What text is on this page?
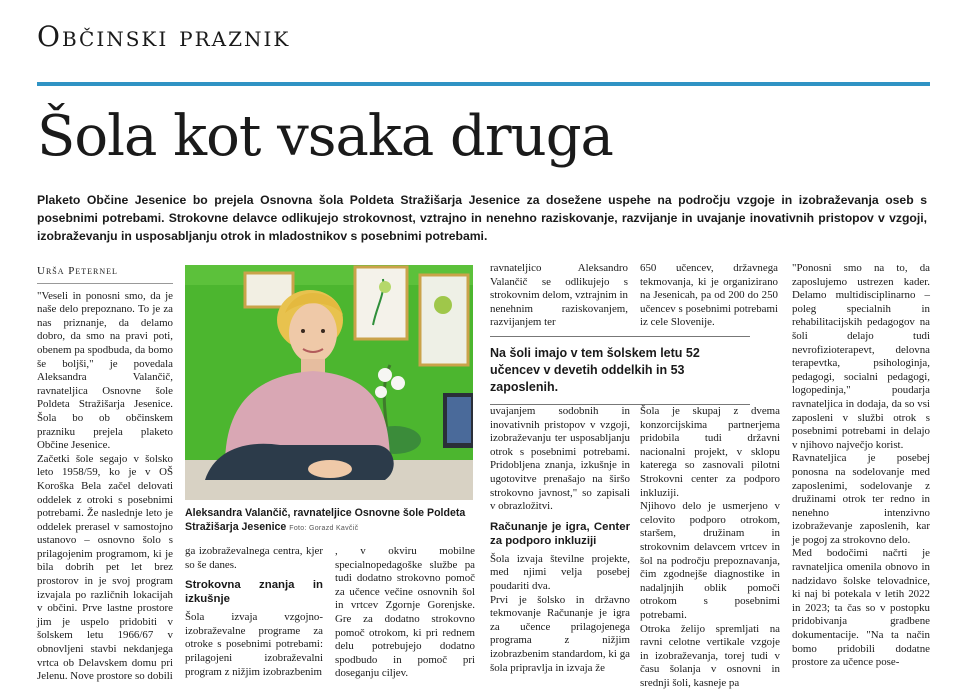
Občinski praznik
Šola kot vsaka druga
Plaketo Občine Jesenice bo prejela Osnovna šola Poldeta Stražišarja Jesenice za dosežene uspehe na področju vzgoje in izobraževanja oseb s posebnimi potrebami. Strokovne delavce odlikujejo strokovnost, vztrajno in nenehno raziskovanje, razvijanje in uvajanje inovativnih pristopov v vzgoji, izobraževanju in usposabljanju otrok in mladostnikov s posebnimi potrebami.
Urša Peternel

"Veseli in ponosni smo, da je naše delo prepoznano. To je za nas priznanje, da delamo dobro, da smo na pravi poti, obenem pa spodbuda, da bomo še boljši," je povedala Aleksandra Valančič, ravnateljica Osnovne šole Poldeta Stražišarja Jesenice. Šola bo ob občinskem prazniku prejela plaketo Občine Jesenice.

Začetki šole segajo v šolsko leto 1958/59, ko je v OŠ Koroška Bela začel delovati oddelek z otroki s posebnimi potrebami. Že naslednje leto je oddelek prerasel v samostojno ustanovo – osnovno šolo s prilagojenim programom, ki je bila dobrih pet let brez prostorov in je svoj program izvajala po različnih lokacijah v občini. Prve lastne prostore jim je uspelo pridobiti v šolskem letu 1966/67 v obnovljeni stavbi nekdanjega vrtca ob Delavskem domu pri Jelenu. Nove prostore so dobili

Aleksandra Valančič, ravnateljice Osnovne šole Poldeta Stražišarja Jesenice Foto: Gorazd Kavčič

ga izobraževalnega centra, kjer so še danes.

Strokovna znanja in izkušnje

Šola izvaja vzgojno-izobraževalne programe za otroke s posebnimi potrebami: prilagojeni izobraževalni program z nižjim izobrazbenim

, v okviru mobilne specialnopedagoške službe pa tudi dodatno strokovno pomoč za učence večine osnovnih šol in vrtcev Zgornje Gorenjske. Gre za dodatno strokovno pomoč otrokom, ki pri rednem delu potrebujejo dodatno spodbudo in pomoč pri doseganju ciljev.

ravnateljico Aleksandro Valančič se odlikujejo s strokovnim delom, vztrajnim in nenehnim raziskovanjem, razvijanjem ter

Na šoli imajo v tem šolskem letu 52 učencev v devetih oddelkih in 53 zaposlenih.

uvajanjem sodobnih in inovativnih pristopov v vzgoji, izobraževanju ter usposabljanju otrok s posebnimi potrebami. Pridobljena znanja, izkušnje in ugotovitve prenašajo na širšo strokovno javnost," so zapisali v obrazložitvi.

Računanje je igra, Center za podporo inkluziji

Šola izvaja številne projekte, med njimi velja posebej poudariti dva.

Prvi je šolsko in državno tekmovanje Računanje je igra za učence prilagojenega programa z nižjim izobrazbenim standardom, ki ga šola pripravlja in izvaja že

650 učencev, državnega tekmovanja, ki je organizirano na Jesenicah, pa od 200 do 250 učencev s posebnimi potrebami iz cele Slovenije.

Šola je skupaj z dvema konzorcijskima partnerjema pridobila tudi državni nacionalni projekt, v sklopu katerega so zasnovali pilotni Strokovni center za podporo inkluziji.

Njihovo delo je usmerjeno v celovito podporo otrokom, staršem, družinam in strokovnim delavcem vrtcev in šol na področju prepoznavanja, čim zgodnejše diagnostike in nadaljnjih oblik pomoči otrokom s posebnimi potrebami.

Otroka želijo spremljati na ravni celotne vertikale vzgoje in izobraževanja, torej tudi v času šolanja v osnovni in srednji šoli, kasneje pa

"Ponosni smo na to, da zaposlujemo ustrezen kader. Delamo multidisciplinarno – poleg specialnih in rehabilitacijskih pedagogov na šoli delajo tudi nevrofizioterapevt, delovna terapevtka, psihologinja, pedagogi, socialni pedagogi, logopedinja," poudarja ravnateljica in dodaja, da so vsi zaposleni v službi otrok s posebnimi potrebami in delajo v njihovo največjo korist.

Ravnateljica je posebej ponosna na sodelovanje med zaposlenimi, sodelovanje z družinami otrok ter redno in nenehno intenzivno izobraževanje zaposlenih, kar je pogoj za strokovno delo.

Med bodočimi načrti je ravnateljica omenila obnovo in nadzidavo šolske telovadnice, ki naj bi potekala v letih 2022 in 2023; ta čas so v postopku pridobivanja gradbene dokumentacije. "Na ta način bomo pridobili dodatne prostore za učence pose-
